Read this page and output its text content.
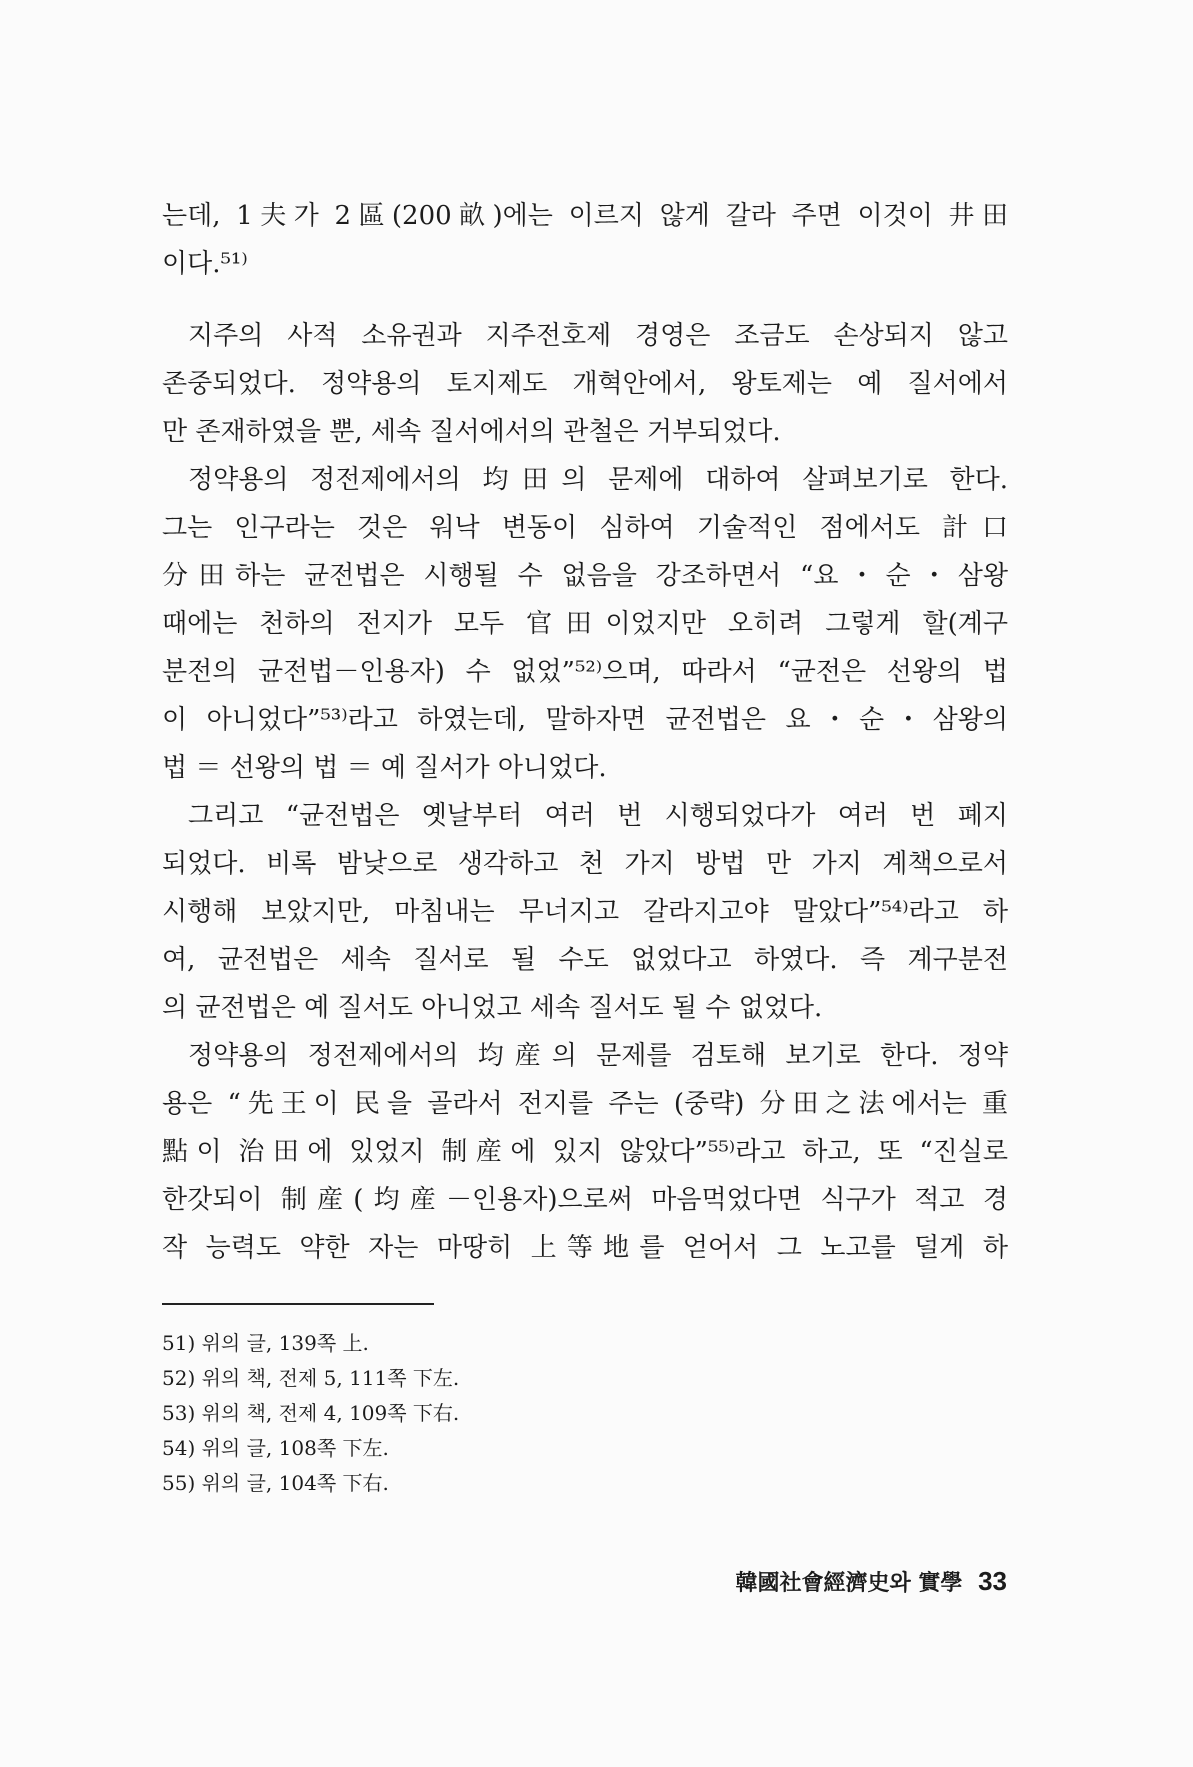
는데, 1夫가 2區(200畝)에는 이르지 않게 갈라 주면 이것이 井田
이다.⁵¹⁾
지주의 사적 소유권과 지주전호제 경영은 조금도 손상되지 않고
존중되었다. 정약용의 토지제도 개혁안에서, 왕토제는 예 질서에서
만 존재하였을 뿐, 세속 질서에서의 관철은 거부되었다.
정약용의 정전제에서의 均田의 문제에 대하여 살펴보기로 한다.
그는 인구라는 것은 워낙 변동이 심하여 기술적인 점에서도 計口
分田하는 균전법은 시행될 수 없음을 강조하면서 “요・순・삼왕
때에는 천하의 전지가 모두 官田이었지만 오히려 그렇게 할(계구
분전의 균전법－인용자) 수 없었”⁵²⁾으며, 따라서 “균전은 선왕의 법
이 아니었다”⁵³⁾라고 하였는데, 말하자면 균전법은 요・순・삼왕의
법 ＝ 선왕의 법 ＝ 예 질서가 아니었다.
그리고 “균전법은 옛날부터 여러 번 시행되었다가 여러 번 폐지
되었다. 비록 밤낮으로 생각하고 천 가지 방법 만 가지 계책으로서
시행해 보았지만, 마침내는 무너지고 갈라지고야 말았다”⁵⁴⁾라고 하
여, 균전법은 세속 질서로 될 수도 없었다고 하였다. 즉 계구분전
의 균전법은 예 질서도 아니었고 세속 질서도 될 수 없었다.
정약용의 정전제에서의 均産의 문제를 검토해 보기로 한다. 정약
용은 “先王이 民을 골라서 전지를 주는 (중략) 分田之法에서는 重
點이 治田에 있었지 制産에 있지 않았다”⁵⁵⁾라고 하고, 또 “진실로
한갓되이 制産(均産－인용자)으로써 마음먹었다면 식구가 적고 경
작 능력도 약한 자는 마땅히 上等地를 얻어서 그 노고를 덜게 하
51) 위의 글, 139쪽 上.
52) 위의 책, 전제 5, 111쪽 下左.
53) 위의 책, 전제 4, 109쪽 下右.
54) 위의 글, 108쪽 下左.
55) 위의 글, 104쪽 下右.
韓國社會經濟史와 實學 33
